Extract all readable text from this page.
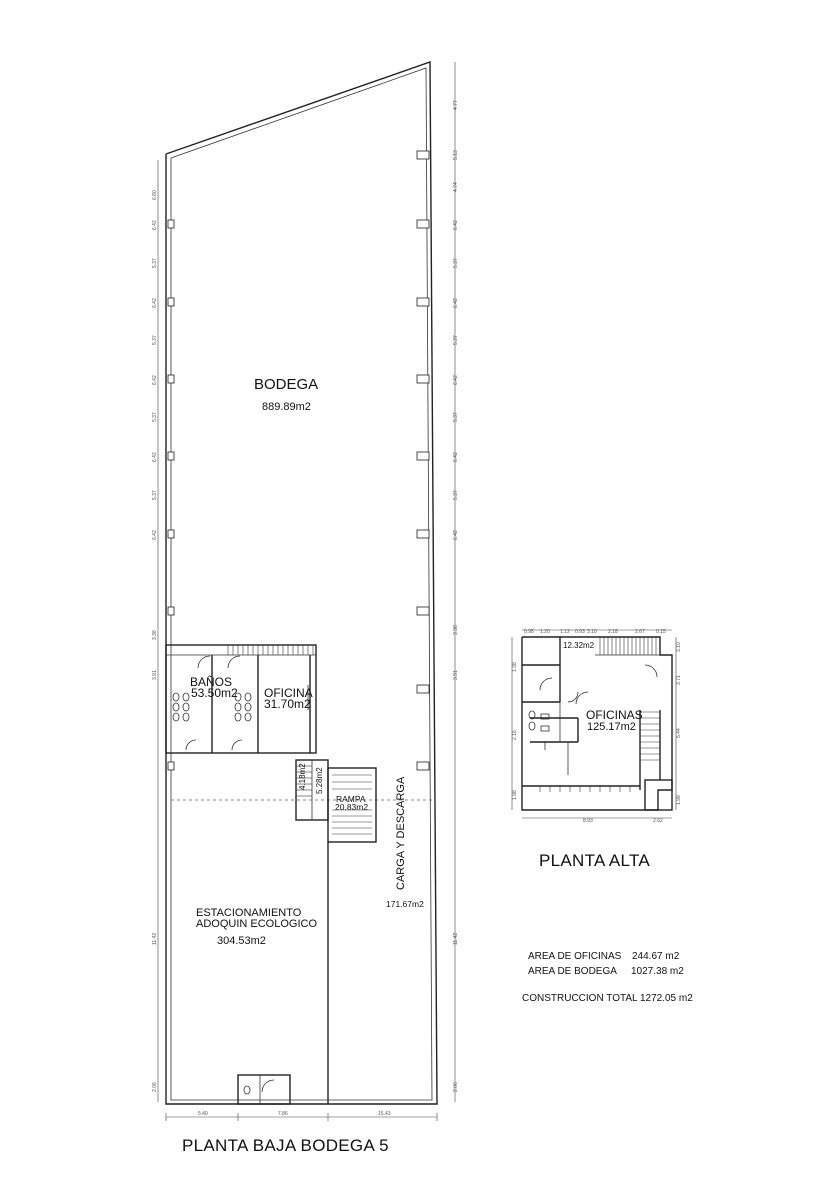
5.40	7.86	15.43
4.77
5.13
4.74
6.42
5.37
6.42
5.37
6.42
5.37
6.42
5.37
6.42
3.38
3.91
11.42
2.06
6.80
6.42
5.37
6.42
5.37
6.42
5.37
6.42
5.37
6.42
3.38
3.91
11.42
2.06
BODEGA
889.89m2
BAÑOS
53.50m2 OFICINA
31.70m2
4.18m2 5.28m2
RAMPA
20.83m2 CARGA Y DESCARGA
171.67m2
ESTACIONAMIENTO
ADOQUIN ECOLOGICO
304.53m2
PLANTA BAJA BODEGA 5
0.98 1.20 1.12 0.93 3.10 2.18	2.67 0.15
8.93	2.62
1.38
2.16
1.98
3.10
3.71
5.44
1.98
12.32m2
OFICINAS
125.17m2
PLANTA ALTA
AREA DE OFICINAS 244.67 m2
AREA DE BODEGA 1027.38 m2
CONSTRUCCION TOTAL 1272.05 m2
